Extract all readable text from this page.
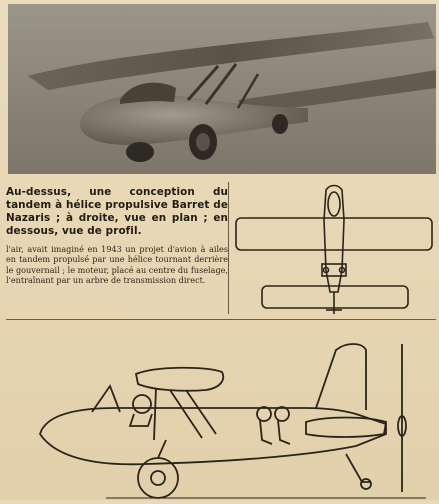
Au-dessus, une conception du tandem à hélice propulsive Barret de Nazaris ; à droite, vue en plan ; en dessous, vue de profil.

l'air, avait imaginé en 1943 un projet d'avion à ailes en tandem propulsé par une hélice tournant derrière le gouvernail ; le moteur, placé au centre du fuselage, l'entraînant par un arbre de transmission direct.
